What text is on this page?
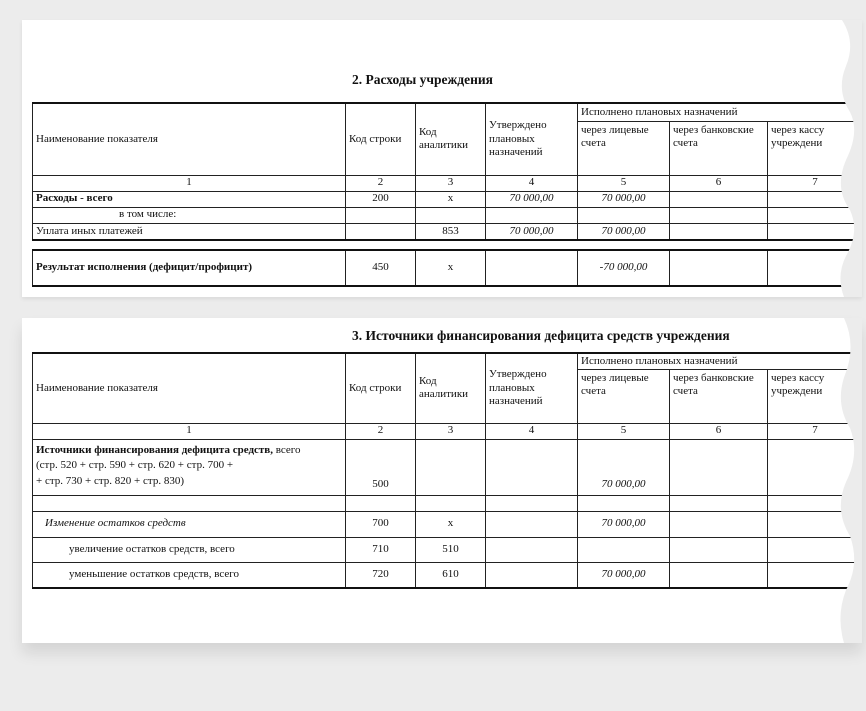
2. Расходы учреждения
Наименование показателя	Код строки	Код аналитики	Утверждено плановых назначений	Исполнено плановых назначений		
				через лицевые счета	через банковские счета	через кассу учреждени
1	2	3	4	5	6	7
Расходы - всего	200	х	70 000,00	70 000,00		
в том числе:						
Уплата иных платежей		853	70 000,00	70 000,00		

Результат исполнения (дефицит/профицит)	450	х		-70 000,00		
3. Источники финансирования дефицита средств учреждения
Наименование показателя	Код строки	Код аналитики	Утверждено плановых назначений	Исполнено плановых назначений		
				через лицевые счета	через банковские счета	через кассу учреждени
1	2	3	4	5	6	7
Источники финансирования дефицита средств, всего
(стр. 520 + стр. 590 + стр. 620 + стр. 700 +
+ стр. 730 + стр. 820 + стр. 830)	500			70 000,00		

Изменение остатков средств	700	х		70 000,00		
увеличение остатков средств, всего	710	510				
уменьшение остатков средств, всего	720	610		70 000,00		
